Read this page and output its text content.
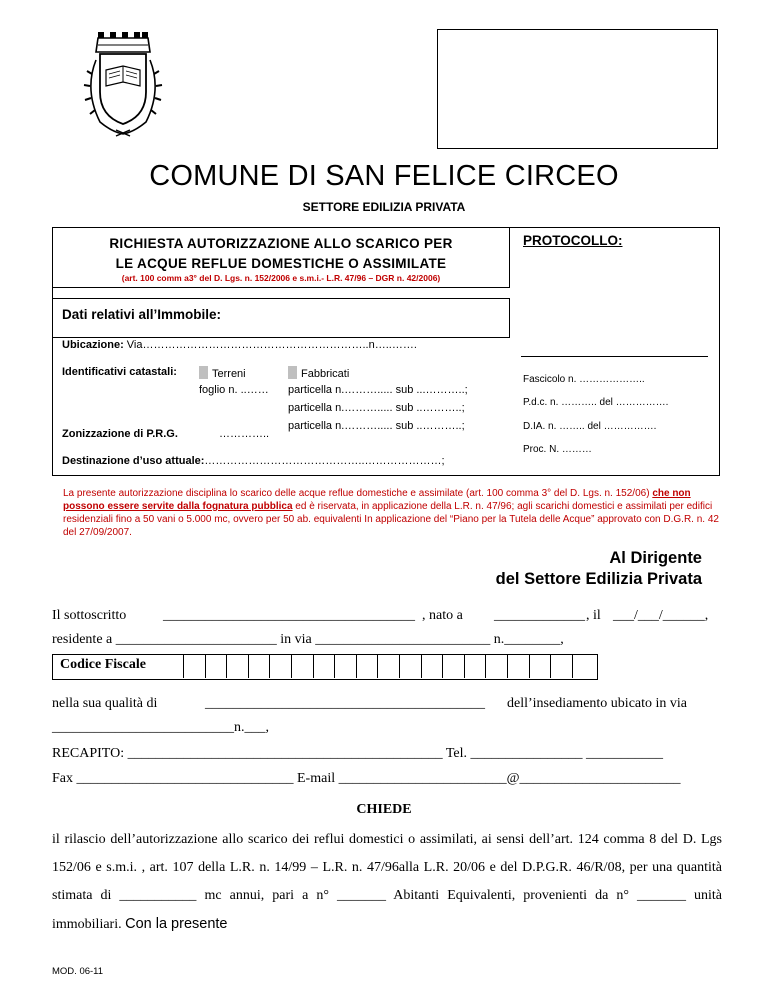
COMUNE DI SAN FELICE CIRCEO
SETTORE EDILIZIA PRIVATA
RICHIESTA AUTORIZZAZIONE ALLO SCARICO PER
LE ACQUE REFLUE DOMESTICHE O ASSIMILATE
(art. 100 comm a3° del D. Lgs. n. 152/2006 e s.m.i.- L.R. 47/96 – DGR n. 42/2006)
PROTOCOLLO:
Fascicolo n. ………………..
P.d.c. n. ……….. del …………….
D.IA. n. …….. del …………….
Proc. N. ………
Dati relativi all’Immobile:
Ubicazione: Via……………………………………………………..n…..…….
Identificativi catastali:	Terreni	Fabbricati
foglio n. ..…… particella n.………..... sub ...………..;
particella n.………..... sub ..………..;
particella n.………..... sub ..………..;
Zonizzazione di P.R.G.	…………..
Destinazione d’uso attuale:……………………………………..…………………;
La presente autorizzazione disciplina lo scarico delle acque reflue domestiche e assimilate (art. 100 comma 3° del D. Lgs. n. 152/06) che non possono essere servite dalla fognatura pubblica ed è riservata, in applicazione della L.R. n. 47/96; agli scarichi domestici e assimilati per edifici residenziali fino a 50 vani o 5.000 mc, ovvero per 50 ab. equivalenti In applicazione del “Piano per la Tutela delle Acque” approvato con D.G.R. n. 42 del 27/09/2007.
Al Dirigente
del Settore Edilizia Privata
Il sottoscritto	____________________________________ , nato a _____________ , il ___/___/______,
residente a _______________________ in via _________________________ n.________,
Codice Fiscale
nella sua qualità di	________________________________________ dell’insediamento ubicato in via
__________________________n.___,
RECAPITO: _____________________________________________ Tel. ________________ ___________
Fax _______________________________ E-mail ________________________@_______________________
CHIEDE
il rilascio dell’autorizzazione allo scarico dei reflui domestici o assimilati, ai sensi dell’art. 124 comma 8 del D. Lgs 152/06 e s.m.i. , art. 107 della L.R. n. 14/99 – L.R. n. 47/96alla L.R. 20/06 e del D.P.G.R. 46/R/08, per una quantità stimata di ___________ mc annui, pari a n° _______ Abitanti Equivalenti, provenienti da n° _______ unità immobiliari. Con la presente
MOD. 06-11
